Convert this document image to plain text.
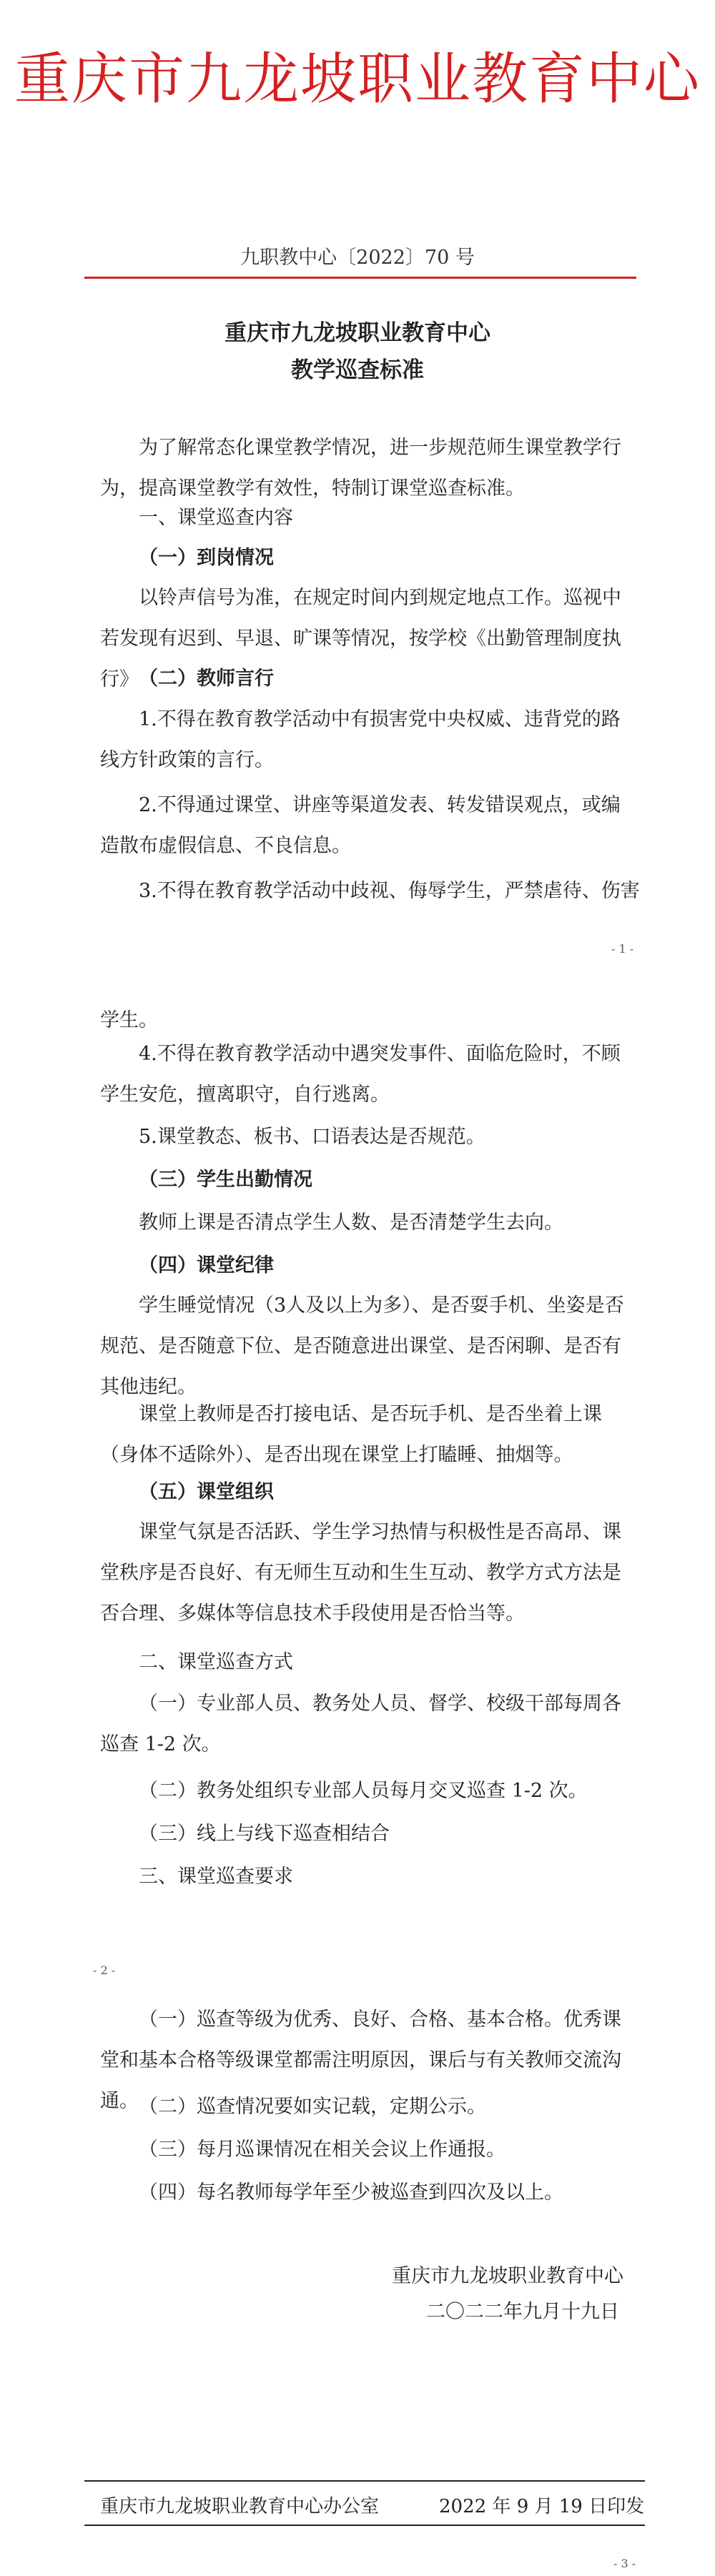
重庆市九龙坡职业教育中心
九职教中心〔2022〕70 号
重庆市九龙坡职业教育中心
教学巡查标准
为了解常态化课堂教学情况，进一步规范师生课堂教学行为，提高课堂教学有效性，特制订课堂巡查标准。
一、课堂巡查内容
（一）到岗情况
以铃声信号为准，在规定时间内到规定地点工作。巡视中若发现有迟到、早退、旷课等情况，按学校《出勤管理制度执行》 （二）教师言行
1.不得在教育教学活动中有损害党中央权威、违背党的路线方针政策的言行。
2.不得通过课堂、讲座等渠道发表、转发错误观点，或编造散布虚假信息、不良信息。
3.不得在教育教学活动中歧视、侮辱学生，严禁虐待、伤害
- 1 -
学生。
4.不得在教育教学活动中遇突发事件、面临危险时，不顾学生安危，擅离职守，自行逃离。
5.课堂教态、板书、口语表达是否规范。
（三）学生出勤情况
教师上课是否清点学生人数、是否清楚学生去向。
（四）课堂纪律
学生睡觉情况（3人及以上为多）、是否耍手机、坐姿是否规范、是否随意下位、是否随意进出课堂、是否闲聊、是否有其他违纪。
课堂上教师是否打接电话、是否玩手机、是否坐着上课（身体不适除外）、是否出现在课堂上打瞌睡、抽烟等。
（五）课堂组织
课堂气氛是否活跃、学生学习热情与积极性是否高昂、课堂秩序是否良好、有无师生互动和生生互动、教学方式方法是否合理、多媒体等信息技术手段使用是否恰当等。
二、课堂巡查方式
（一）专业部人员、教务处人员、督学、校级干部每周各巡查 1-2 次。
（二）教务处组织专业部人员每月交叉巡查 1-2 次。
（三）线上与线下巡查相结合
三、课堂巡查要求
- 2 -
（一）巡查等级为优秀、良好、合格、基本合格。优秀课堂和基本合格等级课堂都需注明原因，课后与有关教师交流沟通。 （二）巡查情况要如实记载，定期公示。
（三）每月巡课情况在相关会议上作通报。
（四）每名教师每学年至少被巡查到四次及以上。
重庆市九龙坡职业教育中心
二〇二二年九月十九日
重庆市九龙坡职业教育中心办公室	2022 年 9 月 19 日印发
- 3 -
